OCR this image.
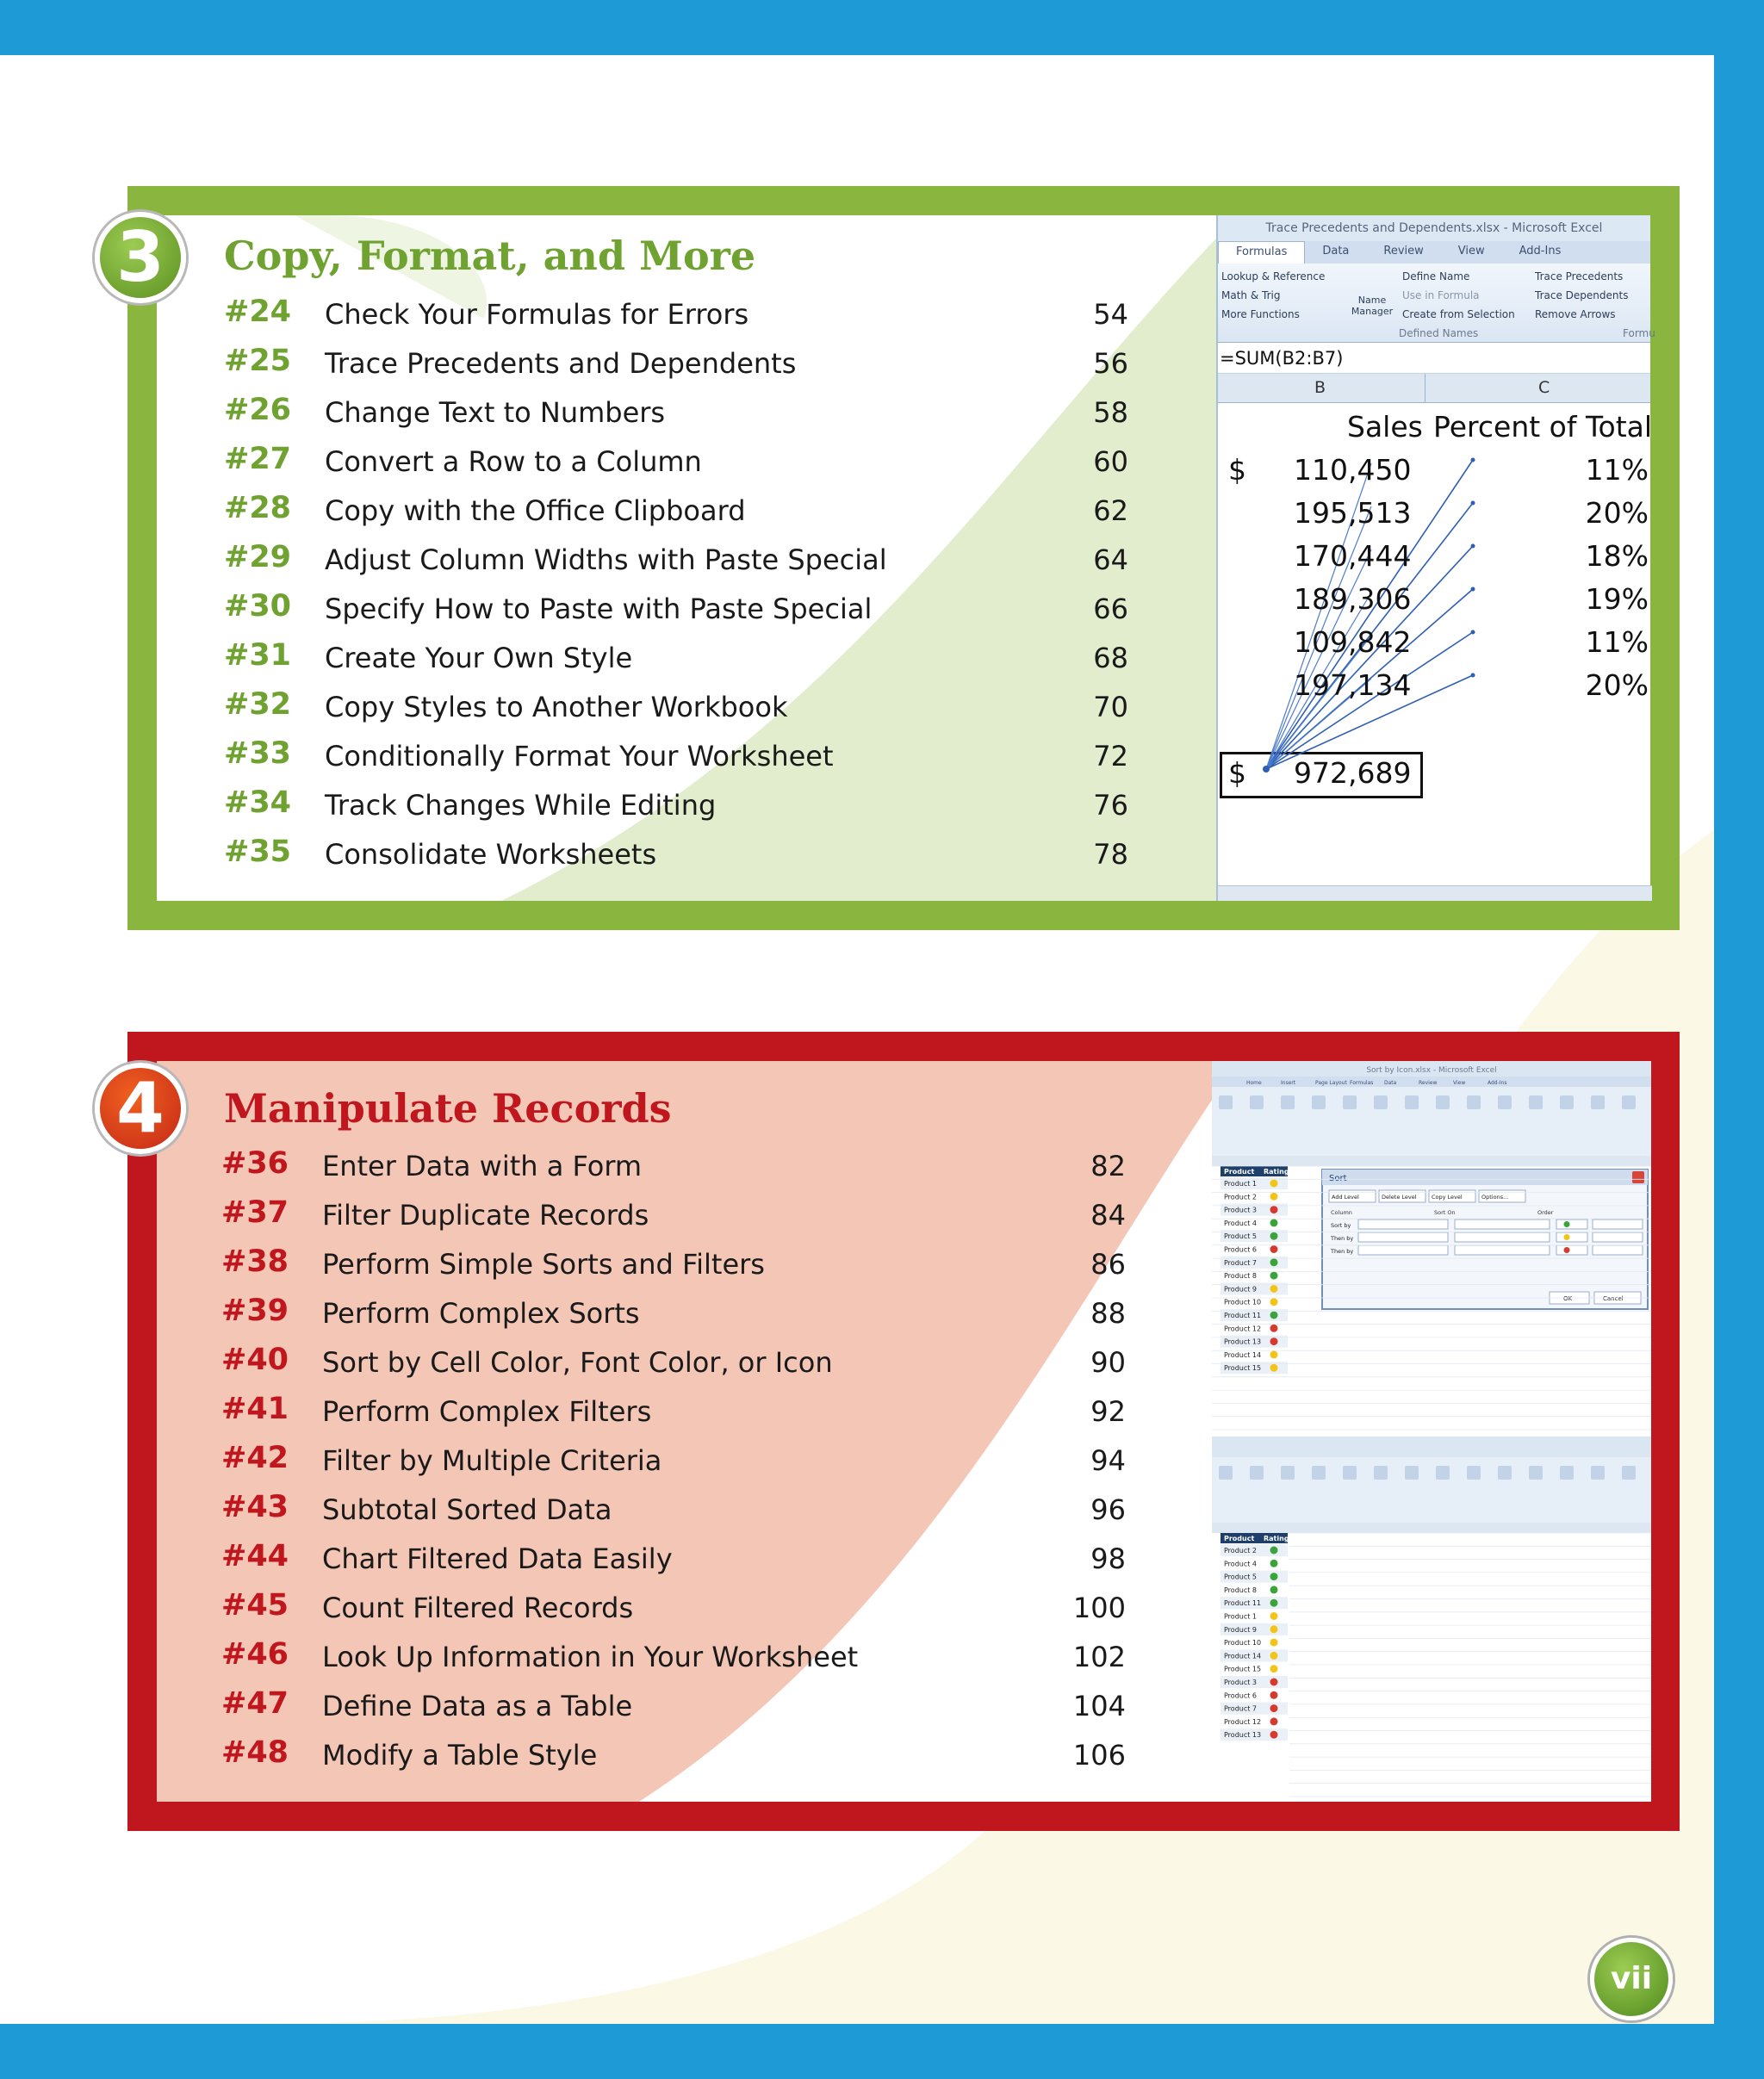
3	Copy, Format, and More
#24 Check Your Formulas for Errors	54
#25 Trace Precedents and Dependents	56
#26 Change Text to Numbers	58
#27 Convert a Row to a Column	60
#28 Copy with the Office Clipboard	62
#29 Adjust Column Widths with Paste Special	64
#30 Specify How to Paste with Paste Special	66
#31 Create Your Own Style	68
#32 Copy Styles to Another Workbook	70
#33 Conditionally Format Your Worksheet	72
#34 Track Changes While Editing	76
#35 Consolidate Worksheets	78
Trace Precedents and Dependents.xlsx - Microsoft Excel
Formulas	Data	Review	View	Add-Ins
Lookup & Reference
Math & Trig
More Functions
Name Manager
Define Name
Use in Formula
Create from Selection
Defined Names
Trace Precedents
Trace Dependents
Remove Arrows
Formu
=SUM(B2:B7)
B	C
Sales Percent of Total
$
$ 972,689
110,450	11%
195,513	20%
170,444	18%
189,306	19%
109,842	11%
197,134	20%
4	Manipulate Records
#36 Enter Data with a Form	82
#37 Filter Duplicate Records	84
#38 Perform Simple Sorts and Filters	86
#39 Perform Complex Sorts	88
#40 Sort by Cell Color, Font Color, or Icon	90
#41 Perform Complex Filters	92
#42 Filter by Multiple Criteria	94
#43 Subtotal Sorted Data	96
#44 Chart Filtered Data Easily	98
#45 Count Filtered Records	100
#46 Look Up Information in Your Worksheet	102
#47 Define Data as a Table	104
#48 Modify a Table Style	106
Sort by Icon.xlsx - Microsoft Excel
Home	Insert	Page Layout Formulas Data	Review	View	Add-Ins
Product Rating
Product 1
Product 2
Product 3
Product 4
Product 5
Product 6
Product 7
Product 8
Product 9
Product 10
Product 11
Product 12
Product 13
Product 14
Product 15
Sort
Add Level	Delete Level	Copy Level	Options...
Column	Sort On	Order
Sort by
Then by
Then by
OK	Cancel
Product Rating
Product 2
Product 4
Product 5
Product 8
Product 11
Product 1
Product 9
Product 10
Product 14
Product 15
Product 3
Product 6
Product 7
Product 12
Product 13
vii
